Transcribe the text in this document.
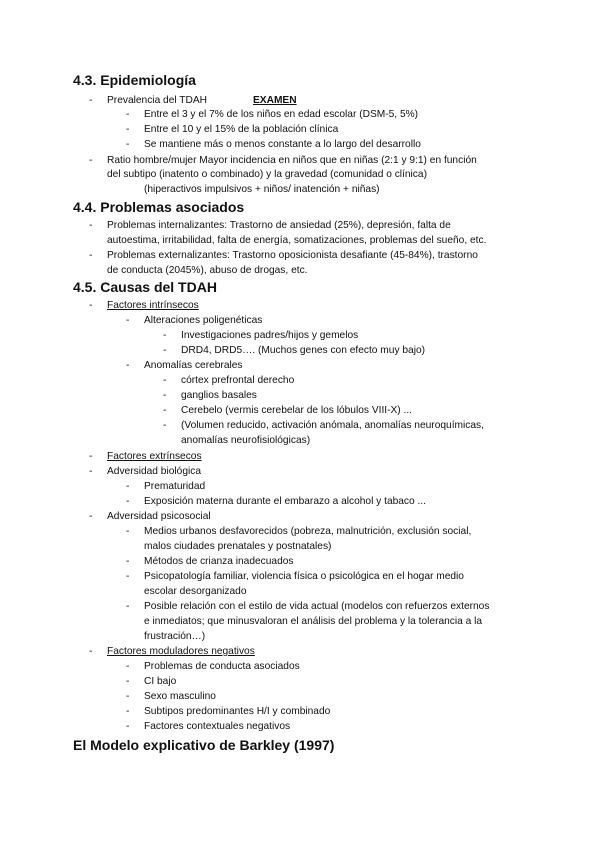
4.3. Epidemiología
- Prevalencia del TDAH	EXAMEN
- Entre el 3 y el 7% de los niños en edad escolar (DSM-5, 5%)
- Entre el 10 y el 15% de la población clínica
- Se mantiene más o menos constante a lo largo del desarrollo
- Ratio hombre/mujer Mayor incidencia en niños que en niñas (2:1 y 9:1) en función
del subtipo (inatento o combinado) y la gravedad (comunidad o clínica)
(hiperactivos impulsivos + niños/ inatención + niñas)
4.4. Problemas asociados
- Problemas internalizantes: Trastorno de ansiedad (25%), depresión, falta de
autoestima, irritabilidad, falta de energía, somatizaciones, problemas del sueño, etc.
- Problemas externalizantes: Trastorno oposicionista desafiante (45-84%), trastorno
de conducta (2045%), abuso de drogas, etc.
4.5. Causas del TDAH
- Factores intrínsecos
- Alteraciones poligenéticas
- Investigaciones padres/hijos y gemelos
- DRD4, DRD5…. (Muchos genes con efecto muy bajo)
- Anomalías cerebrales
- córtex prefrontal derecho
- ganglios basales
- Cerebelo (vermis cerebelar de los lóbulos VIII-X) ...
- (Volumen reducido, activación anómala, anomalías neuroquímicas,
anomalías neurofisiológicas)
- Factores extrínsecos
- Adversidad biológica
- Prematuridad
- Exposición materna durante el embarazo a alcohol y tabaco ...
- Adversidad psicosocial
- Medios urbanos desfavorecidos (pobreza, malnutrición, exclusión social,
malos ciudades prenatales y postnatales)
- Métodos de crianza inadecuados
- Psicopatología familiar, violencia física o psicológica en el hogar medio
escolar desorganizado
- Posible relación con el estilo de vida actual (modelos con refuerzos externos
e inmediatos; que minusvaloran el análisis del problema y la tolerancia a la
frustración…)
- Factores moduladores negativos
- Problemas de conducta asociados
- CI bajo
- Sexo masculino
- Subtipos predominantes H/I y combinado
- Factores contextuales negativos
El Modelo explicativo de Barkley (1997)
